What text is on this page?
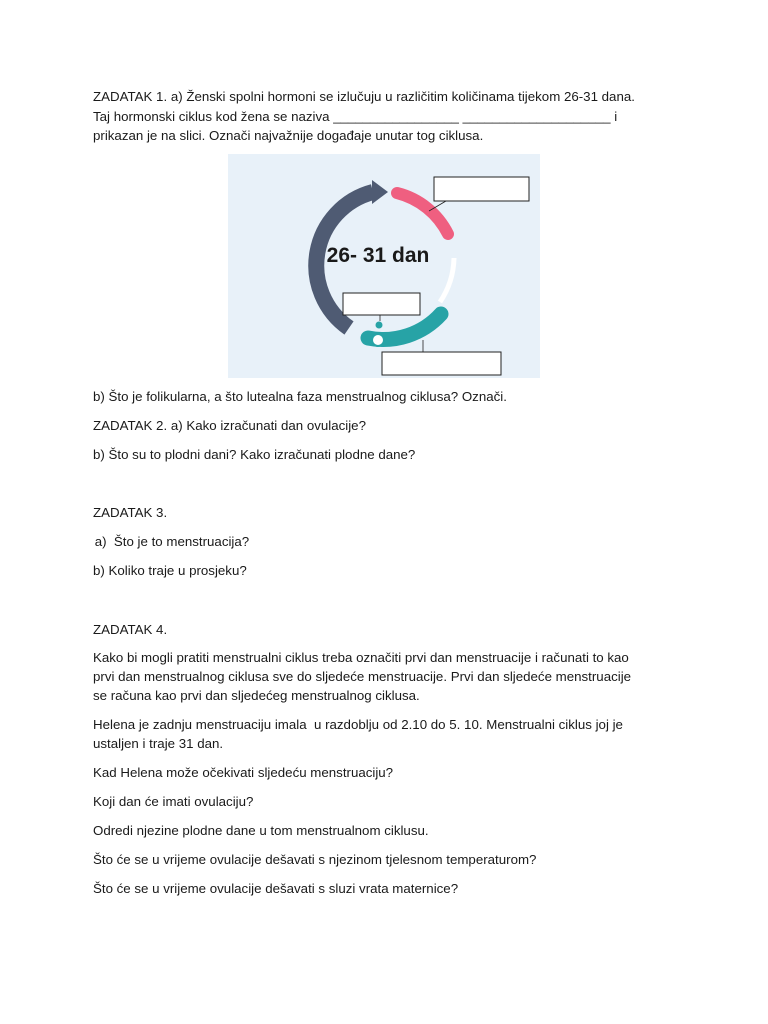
ZADATAK 1. a) Ženski spolni hormoni se izlučuju u različitim količinama tijekom 26-31 dana.
Taj hormonski ciklus kod žena se naziva _________________ ____________________ i
prikazan je na slici. Označi najvažnije događaje unutar tog ciklusa.
26- 31 dan
b) Što je folikularna, a što lutealna faza menstrualnog ciklusa? Označi.
ZADATAK 2. a) Kako izračunati dan ovulacije?
b) Što su to plodni dani? Kako izračunati plodne dane?
ZADATAK 3.
a)  Što je to menstruacija?
b) Koliko traje u prosjeku?
ZADATAK 4.
Kako bi mogli pratiti menstrualni ciklus treba označiti prvi dan menstruacije i računati to kao
prvi dan menstrualnog ciklusa sve do sljedeće menstruacije. Prvi dan sljedeće menstruacije
se računa kao prvi dan sljedećeg menstrualnog ciklusa.
Helena je zadnju menstruaciju imala  u razdoblju od 2.10 do 5. 10. Menstrualni ciklus joj je
ustaljen i traje 31 dan.
Kad Helena može očekivati sljedeću menstruaciju?
Koji dan će imati ovulaciju?
Odredi njezine plodne dane u tom menstrualnom ciklusu.
Što će se u vrijeme ovulacije dešavati s njezinom tjelesnom temperaturom?
Što će se u vrijeme ovulacije dešavati s sluzi vrata maternice?
